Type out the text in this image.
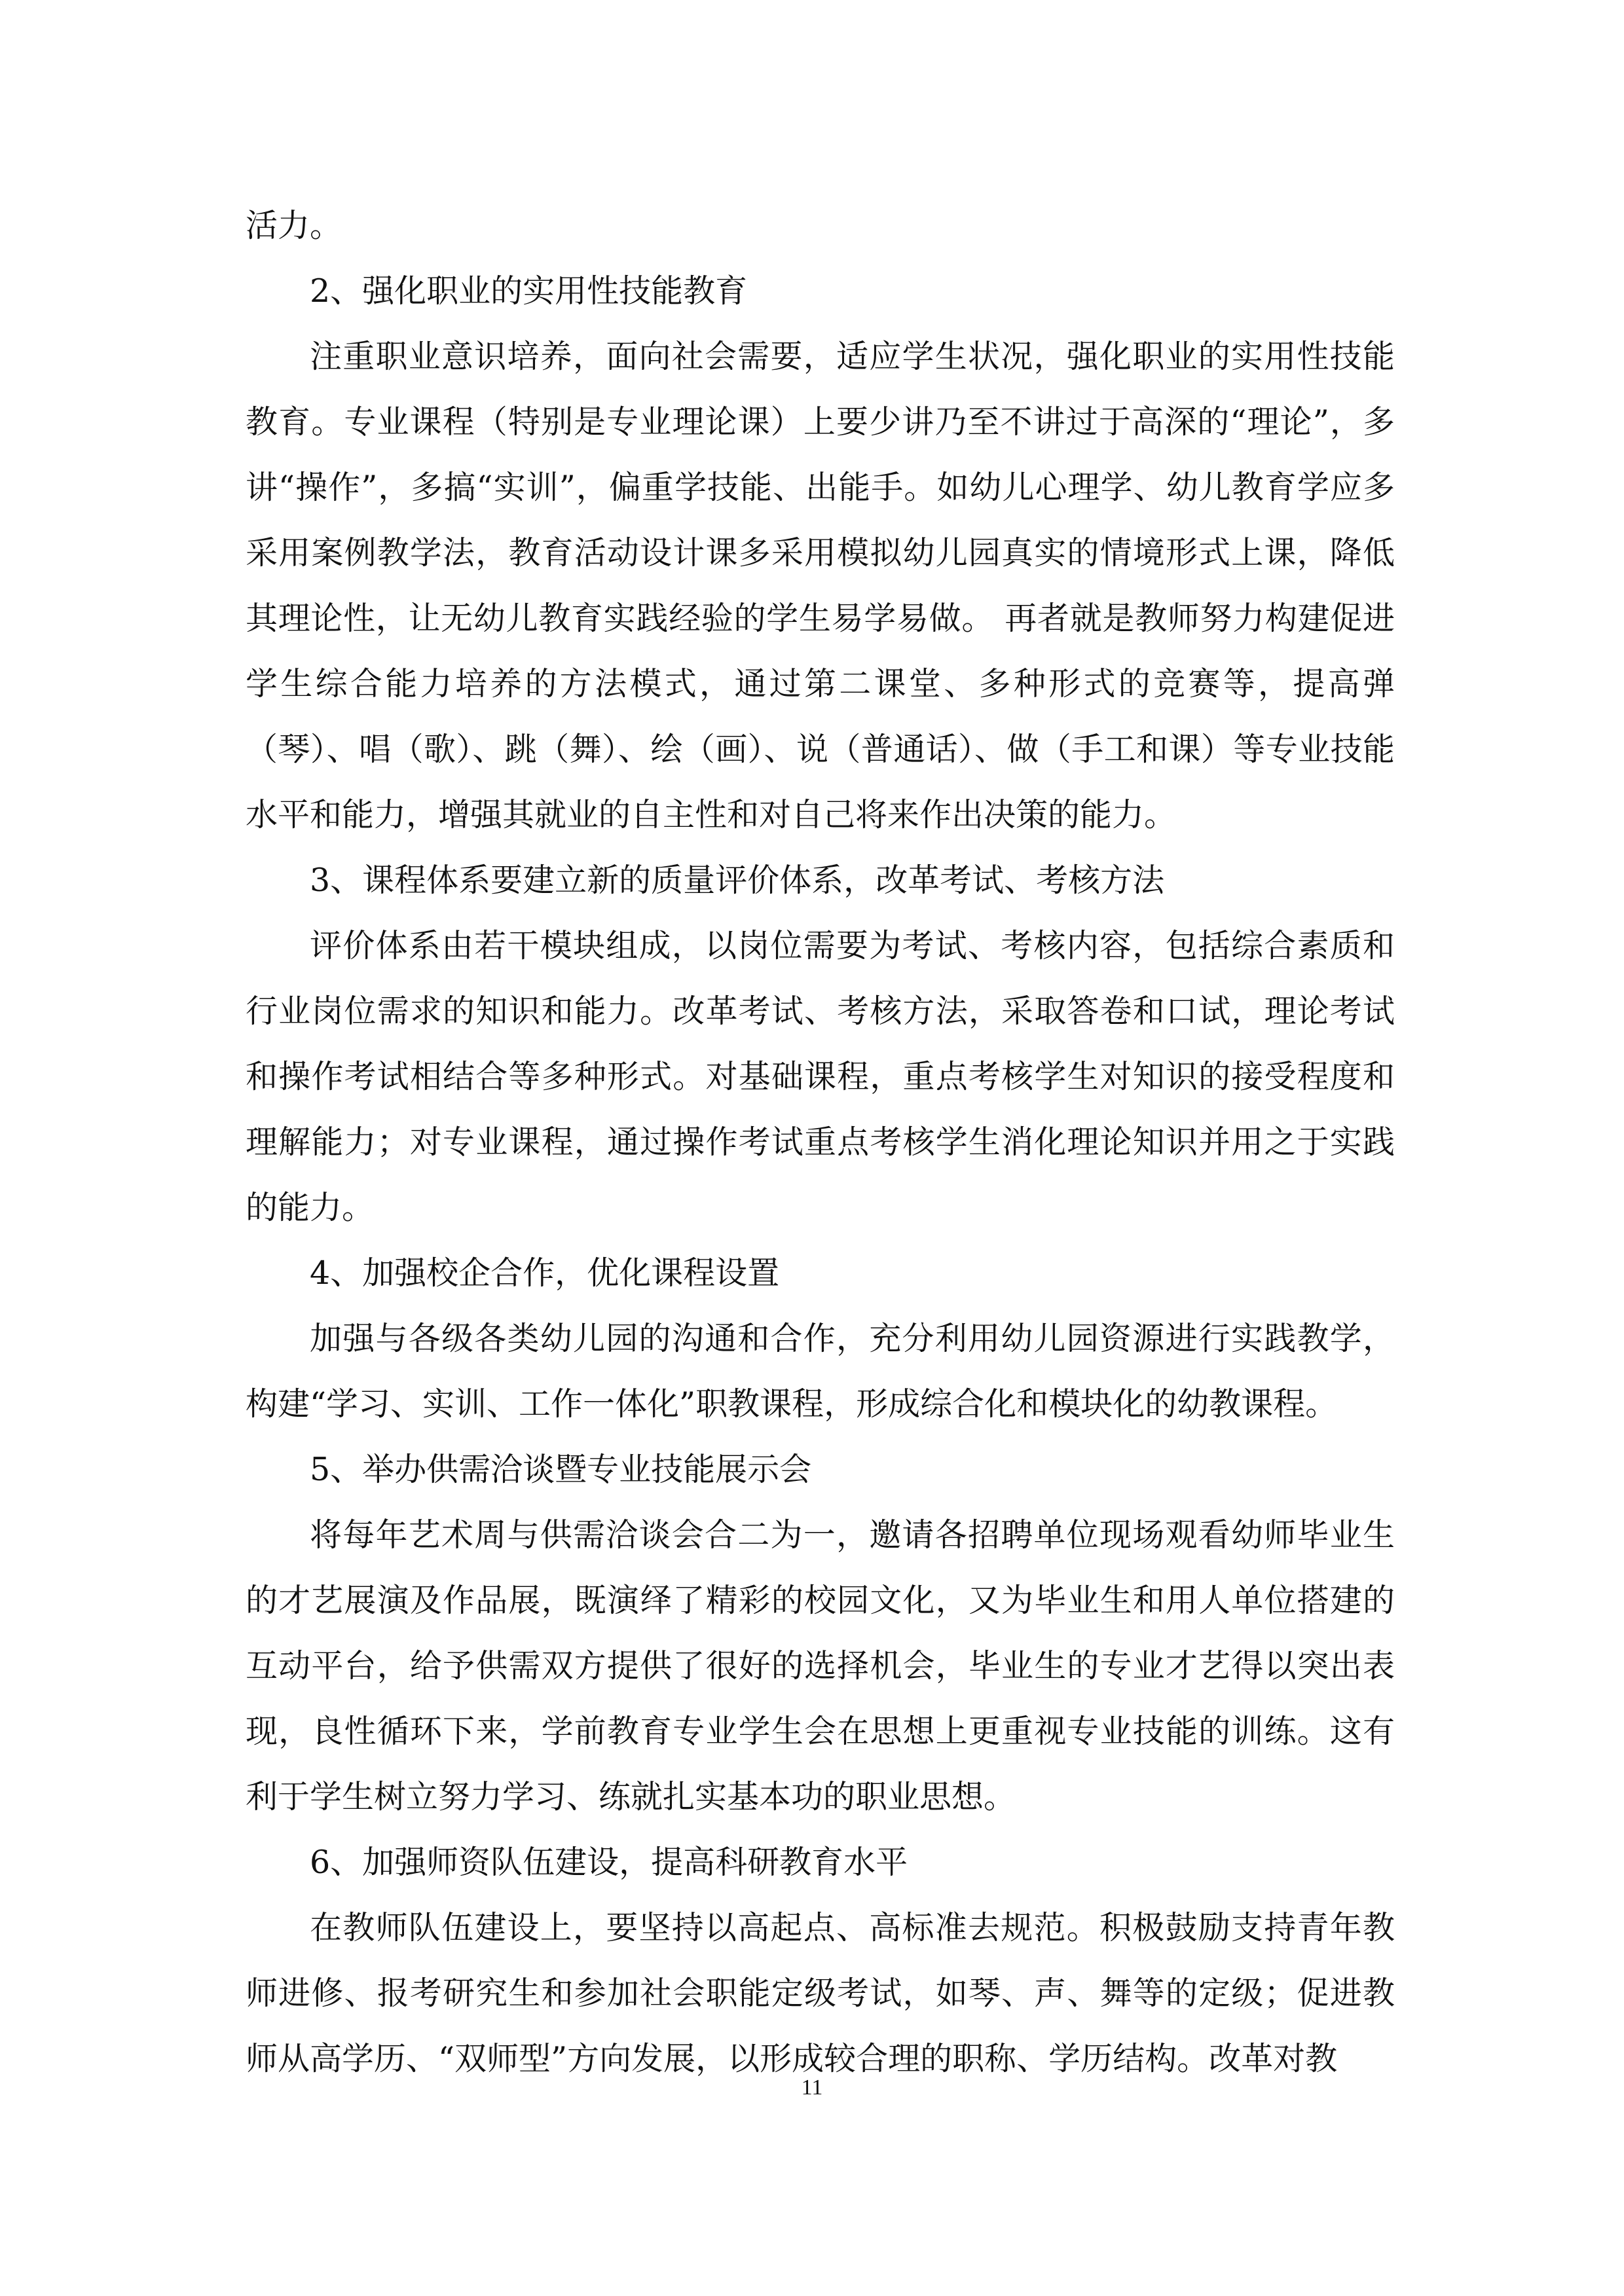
活力。

2、强化职业的实用性技能教育

注重职业意识培养，面向社会需要，适应学生状况，强化职业的实用性技能教育。专业课程（特别是专业理论课）上要少讲乃至不讲过于高深的“理论”，多讲“操作”，多搞“实训”，偏重学技能、出能手。如幼儿心理学、幼儿教育学应多采用案例教学法，教育活动设计课多采用模拟幼儿园真实的情境形式上课，降低其理论性，让无幼儿教育实践经验的学生易学易做。 再者就是教师努力构建促进学生综合能力培养的方法模式，通过第二课堂、多种形式的竞赛等，提高弹（琴）、唱（歌）、跳（舞）、绘（画）、说（普通话）、做（手工和课）等专业技能水平和能力，增强其就业的自主性和对自己将来作出决策的能力。

3、课程体系要建立新的质量评价体系，改革考试、考核方法

评价体系由若干模块组成，以岗位需要为考试、考核内容，包括综合素质和行业岗位需求的知识和能力。改革考试、考核方法，采取答卷和口试，理论考试和操作考试相结合等多种形式。对基础课程，重点考核学生对知识的接受程度和理解能力；对专业课程，通过操作考试重点考核学生消化理论知识并用之于实践的能力。

4、加强校企合作，优化课程设置

加强与各级各类幼儿园的沟通和合作，充分利用幼儿园资源进行实践教学，构建“学习、实训、工作一体化”职教课程，形成综合化和模块化的幼教课程。

5、举办供需洽谈暨专业技能展示会

将每年艺术周与供需洽谈会合二为一，邀请各招聘单位现场观看幼师毕业生的才艺展演及作品展，既演绎了精彩的校园文化，又为毕业生和用人单位搭建的互动平台，给予供需双方提供了很好的选择机会，毕业生的专业才艺得以突出表现，良性循环下来，学前教育专业学生会在思想上更重视专业技能的训练。这有利于学生树立努力学习、练就扎实基本功的职业思想。

6、加强师资队伍建设，提高科研教育水平

在教师队伍建设上，要坚持以高起点、高标准去规范。积极鼓励支持青年教师进修、报考研究生和参加社会职能定级考试，如琴、声、舞等的定级；促进教师从高学历、“双师型”方向发展，以形成较合理的职称、学历结构。改革对教

11
